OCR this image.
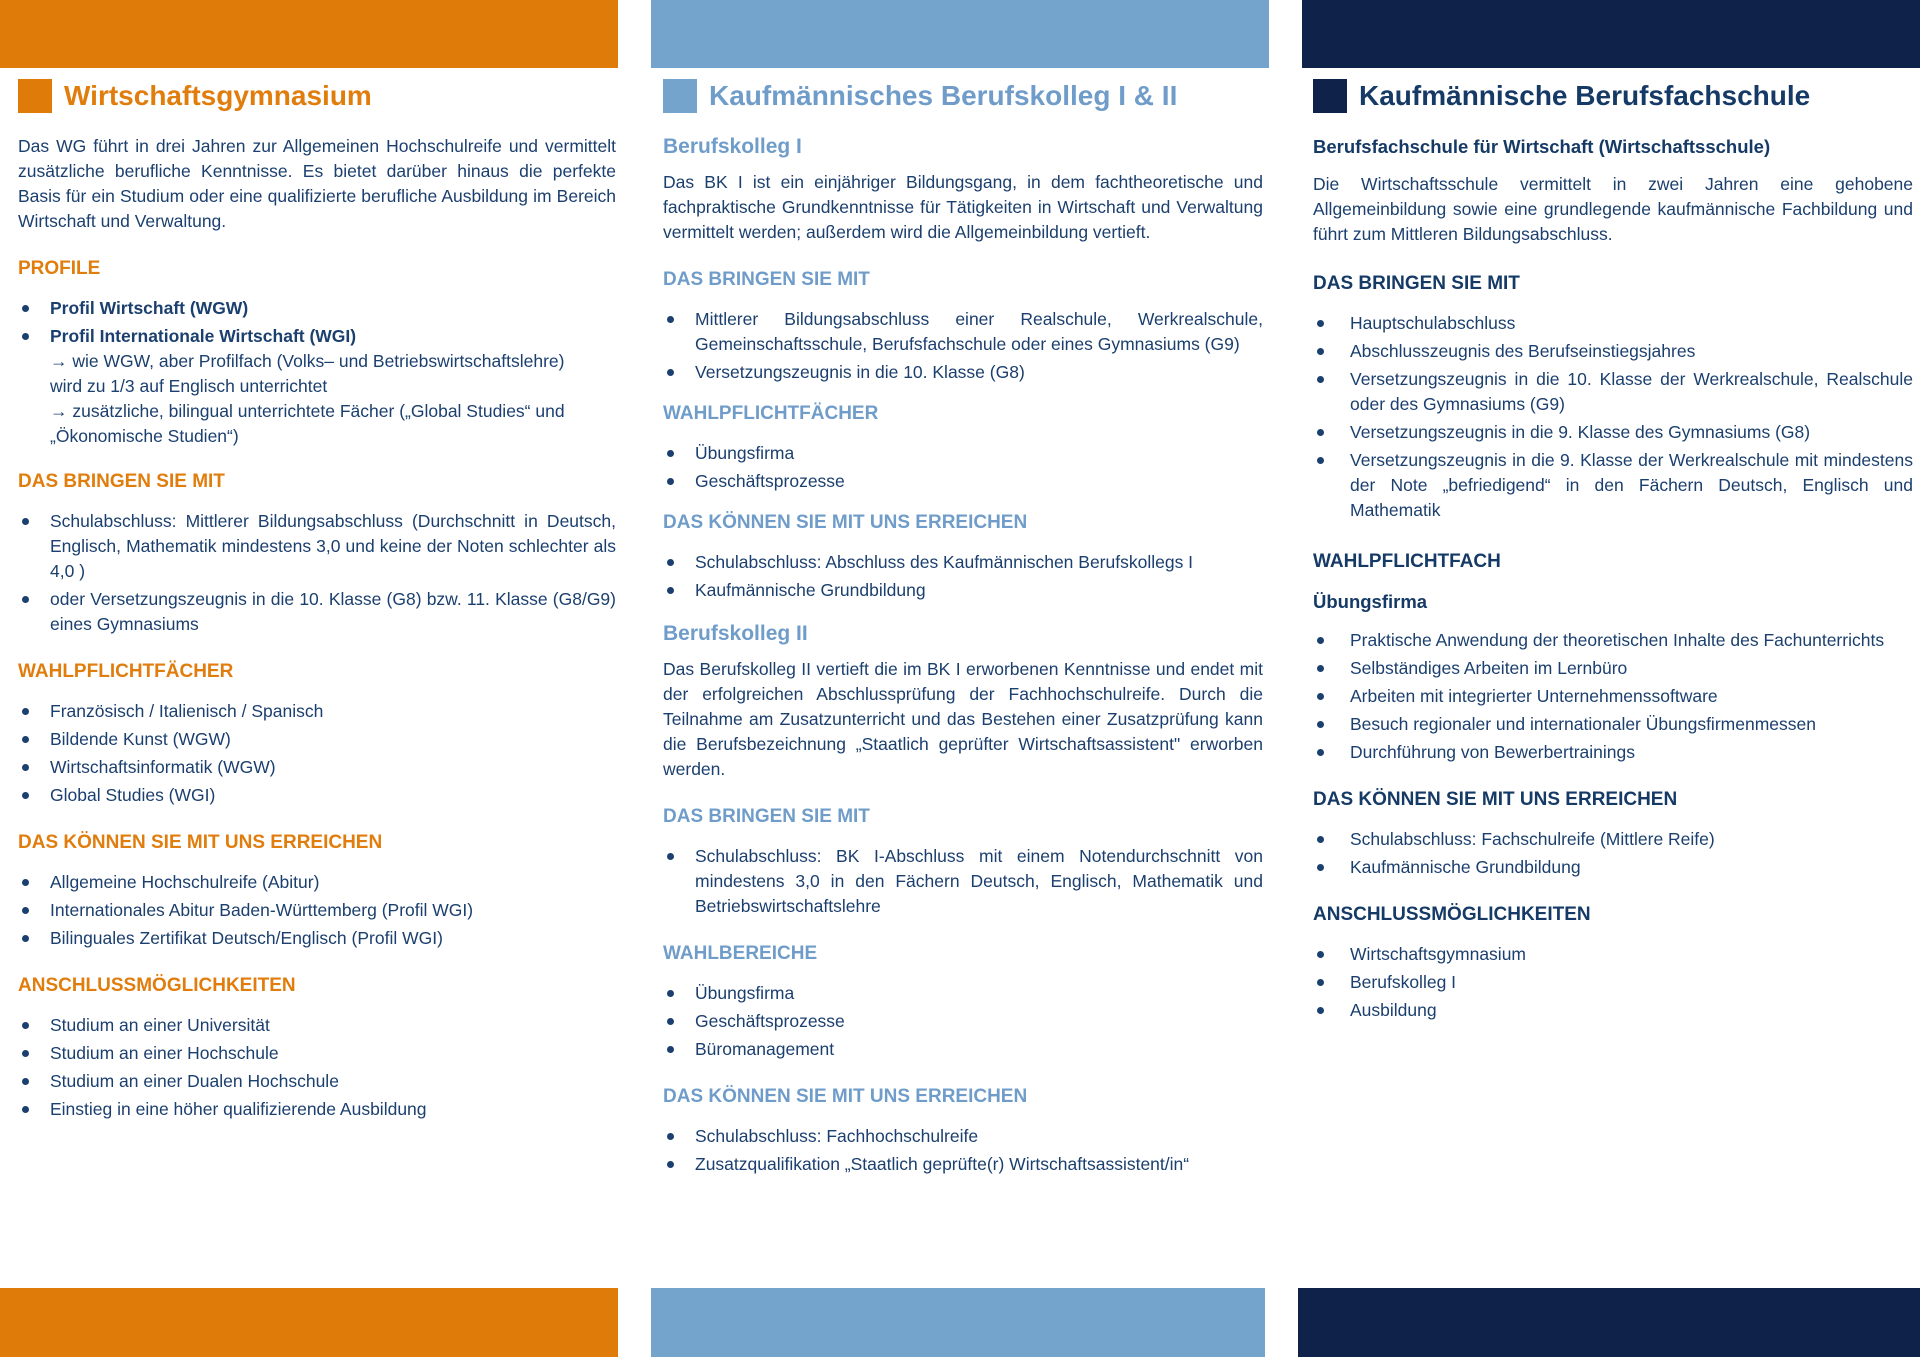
Wirtschaftsgymnasium

Das WG führt in drei Jahren zur Allgemeinen Hochschulreife und vermittelt zusätzliche berufliche Kenntnisse. Es bietet darüber hinaus die perfekte Basis für ein Studium oder eine qualifizierte berufliche Ausbildung im Bereich Wirtschaft und Verwaltung.

PROFILE
Profil Wirtschaft (WGW)
Profil Internationale Wirtschaft (WGI)
→ wie WGW, aber Profilfach (Volks– und Betriebswirtschaftslehre) wird zu 1/3 auf Englisch unterrichtet
→ zusätzliche, bilingual unterrichtete Fächer („Global Studies“ und „Ökonomische Studien“)
DAS BRINGEN SIE MIT
Schulabschluss: Mittlerer Bildungsabschluss (Durchschnitt in Deutsch, Englisch, Mathematik mindestens 3,0 und keine der Noten schlechter als 4,0 )
oder Versetzungszeugnis in die 10. Klasse (G8) bzw. 11. Klasse (G8/G9) eines Gymnasiums
WAHLPFLICHTFÄCHER
Französisch / Italienisch / Spanisch
Bildende Kunst (WGW)
Wirtschaftsinformatik (WGW)
Global Studies (WGI)
DAS KÖNNEN SIE MIT UNS ERREICHEN
Allgemeine Hochschulreife (Abitur)
Internationales Abitur Baden-Württemberg (Profil WGI)
Bilinguales Zertifikat Deutsch/Englisch (Profil WGI)
ANSCHLUSSMÖGLICHKEITEN
Studium an einer Universität
Studium an einer Hochschule
Studium an einer Dualen Hochschule
Einstieg in eine höher qualifizierende Ausbildung
Kaufmännisches Berufskolleg I & II
Berufskolleg I

Das BK I ist ein einjähriger Bildungsgang, in dem fachtheoretische und fachpraktische Grundkenntnisse für Tätigkeiten in Wirtschaft und Verwaltung vermittelt werden; außerdem wird die Allgemeinbildung vertieft.

DAS BRINGEN SIE MIT
Mittlerer Bildungsabschluss einer Realschule, Werkrealschule, Gemeinschaftsschule, Berufsfachschule oder eines Gymnasiums (G9)
Versetzungszeugnis in die 10. Klasse (G8)
WAHLPFLICHTFÄCHER
Übungsfirma
Geschäftsprozesse
DAS KÖNNEN SIE MIT UNS ERREICHEN
Schulabschluss: Abschluss des Kaufmännischen Berufskollegs I
Kaufmännische Grundbildung
Berufskolleg II

Das Berufskolleg II vertieft die im BK I erworbenen Kenntnisse und endet mit der erfolgreichen Abschlussprüfung der Fachhochschulreife. Durch die Teilnahme am Zusatzunterricht und das Bestehen einer Zusatzprüfung kann die Berufsbezeichnung „Staatlich geprüfter Wirtschaftsassistent" erworben werden.

DAS BRINGEN SIE MIT
Schulabschluss: BK I-Abschluss mit einem Notendurchschnitt von mindestens 3,0 in den Fächern Deutsch, Englisch, Mathematik und Betriebswirtschaftslehre
WAHLBEREICHE
Übungsfirma
Geschäftsprozesse
Büromanagement
DAS KÖNNEN SIE MIT UNS ERREICHEN
Schulabschluss: Fachhochschulreife
Zusatzqualifikation „Staatlich geprüfte(r) Wirtschaftsassistent/in“
Kaufmännische Berufsfachschule
Berufsfachschule für Wirtschaft (Wirtschaftsschule)

Die Wirtschaftsschule vermittelt in zwei Jahren eine gehobene Allgemeinbildung sowie eine grundlegende kaufmännische Fachbildung und führt zum Mittleren Bildungsabschluss.

DAS BRINGEN SIE MIT
Hauptschulabschluss
Abschlusszeugnis des Berufseinstiegsjahres
Versetzungszeugnis in die 10. Klasse der Werkrealschule, Realschule oder des Gymnasiums (G9)
Versetzungszeugnis in die 9. Klasse des Gymnasiums (G8)
Versetzungszeugnis in die 9. Klasse der Werkrealschule mit mindestens der Note „befriedigend“ in den Fächern Deutsch, Englisch und Mathematik
WAHLPFLICHTFACH
Übungsfirma
Praktische Anwendung der theoretischen Inhalte des Fachunterrichts
Selbständiges Arbeiten im Lernbüro
Arbeiten mit integrierter Unternehmenssoftware
Besuch regionaler und internationaler Übungsfirmenmessen
Durchführung von Bewerbertrainings
DAS KÖNNEN SIE MIT UNS ERREICHEN
Schulabschluss: Fachschulreife (Mittlere Reife)
Kaufmännische Grundbildung
ANSCHLUSSMÖGLICHKEITEN
Wirtschaftsgymnasium
Berufskolleg I
Ausbildung
